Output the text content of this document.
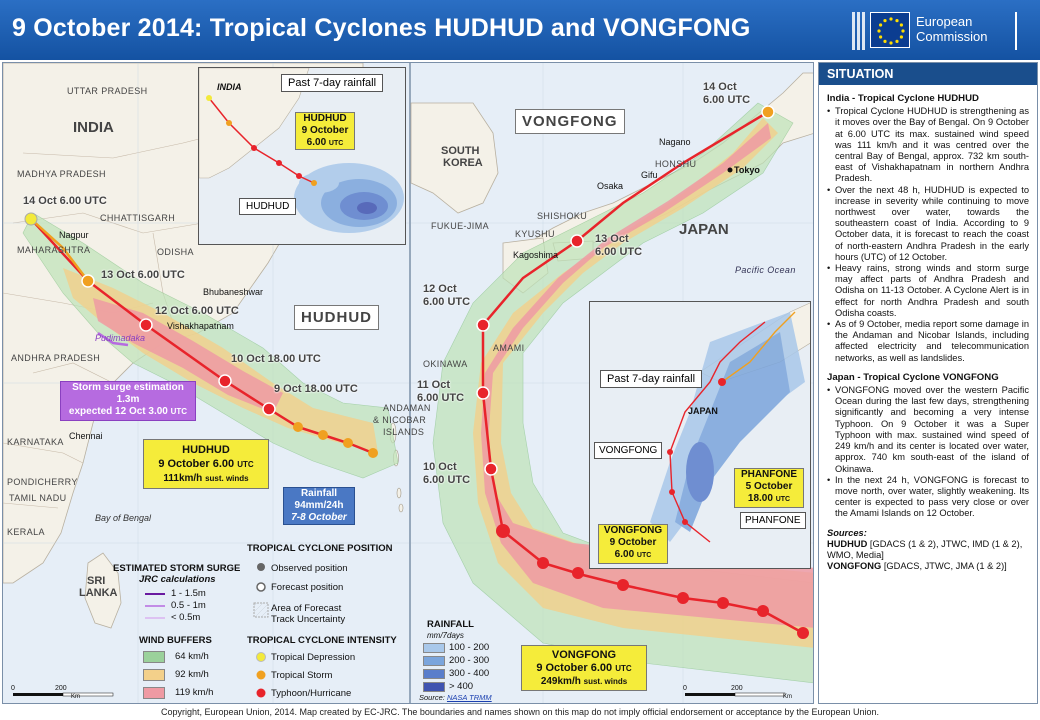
9 October 2014: Tropical Cyclones HUDHUD and VONGFONG	European
Commission
UTTAR PRADESH
INDIA
MADHYA PRADESH
CHHATTISGARH
MAHARASHTRA	ODISHA
ANDHRA PRADESH
KARNATAKA
TAMIL NADU
PONDICHERRY
KERALA
ANDAMAN
& NICOBAR
ISLANDS
Nagpur
Bhubaneshwar
Vishakhapatnam
Pudimadaka
Chennai
Bay of Bengal
SRI
LANKA
14 Oct 6.00 UTC
13 Oct 6.00 UTC
12 Oct 6.00 UTC
10 Oct 18.00 UTC
9 Oct 18.00 UTC
HUDHUD
Storm surge estimation
1.3m
expected 12 Oct 3.00 UTC
HUDHUD
9 October 6.00 UTC
111km/h sust. winds
Rainfall
94mm/24h
7-8 October
Past 7-day rainfall
INDIA
HUDHUD
HUDHUD
9 October
6.00 UTC
VONGFONG
SOUTH
KOREA
JAPAN
FUKUE-JIMA
KYUSHU
SHISHOKU
HONSHU
OKINAWA
AMAMI
Pacific Ocean
Nagano
Gifu	Tokyo
Osaka
Kagoshima
14 Oct
6.00 UTC
13 Oct
6.00 UTC
12 Oct
6.00 UTC
11 Oct
6.00 UTC
10 Oct
6.00 UTC
VONGFONG
9 October 6.00 UTC
249km/h sust. winds
Past 7-day rainfall
JAPAN
VONGFONG
PHANFONE
VONGFONG
9 October
6.00 UTC
PHANFONE
5 October
18.00 UTC
ESTIMATED STORM SURGE
JRC calculations
1 - 1.5m
0.5 - 1m
< 0.5m
WIND BUFFERS
64 km/h
92 km/h
119 km/h
TROPICAL CYCLONE POSITION
Observed position
Forecast position
Area of Forecast
Track Uncertainty
TROPICAL CYCLONE INTENSITY
Tropical Depression
Tropical Storm
Typhoon/Hurricane
RAINFALL
mm/7days
100 - 200
200 - 300
300 - 400
> 400
Source: NASA TRMM
0	200
Km
0	200
Km
SITUATION
India - Tropical Cyclone HUDHUD
• Tropical Cyclone HUDHUD is strengthening as it moves over the Bay of Bengal. On 9 October at 6.00 UTC its max. sustained wind speed was 111 km/h and it was centred over the central Bay of Bengal, approx. 732 km south-east of Vishakhapatnam in northern Andhra Pradesh.
• Over the next 48 h, HUDHUD is expected to increase in severity while continuing to move northwest over water, towards the southeastern coast of India. According to 9 October data, it is forecast to reach the coast of north-eastern Andhra Pradesh in the early hours (UTC) of 12 October.
• Heavy rains, strong winds and storm surge may affect parts of Andhra Pradesh and Odisha on 11-13 October. A Cyclone Alert is in effect for north Andhra Pradesh and south Odisha coasts.
• As of 9 October, media report some damage in the Andaman and Nicobar Islands, including affected electricity and telecommunication networks, as well as landslides.
Japan - Tropical Cyclone VONGFONG
• VONGFONG moved over the western Pacific Ocean during the last few days, strengthening significantly and becoming a very intense Typhoon. On 9 October it was a Super Typhoon with max. sustained wind speed of 249 km/h and its center is located over water, approx. 740 km south-east of the island of Okinawa.
• In the next 24 h, VONGFONG is forecast to move north, over water, slightly weakening. Its center is expected to pass very close or over the Amami Islands on 12 October.
Sources:
HUDHUD [GDACS (1 & 2), JTWC, IMD (1 & 2), WMO, Media]
VONGFONG [GDACS, JTWC, JMA (1 & 2)]
Copyright, European Union, 2014. Map created by EC-JRC. The boundaries and names shown on this map do not imply official endorsement or acceptance by the European Union.
